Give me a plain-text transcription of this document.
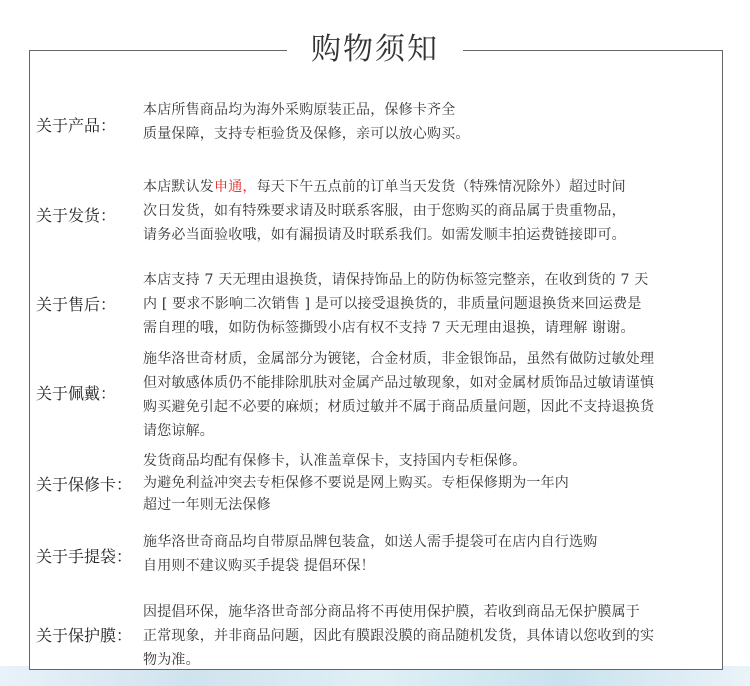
购物须知
关于产品：
本店所售商品均为海外采购原装正品，保修卡齐全
质量保障，支持专柜验货及保修，亲可以放心购买。
关于发货：
本店默认发申通，每天下午五点前的订单当天发货（特殊情况除外）超过时间
次日发货，如有特殊要求请及时联系客服，由于您购买的商品属于贵重物品，
请务必当面验收哦，如有漏损请及时联系我们。如需发顺丰拍运费链接即可。
关于售后：
本店支持 7 天无理由退换货，请保持饰品上的防伪标签完整亲，在收到货的 7 天
内 [ 要求不影响二次销售 ] 是可以接受退换货的，非质量问题退换货来回运费是
需自理的哦，如防伪标签撕毁小店有权不支持 7 天无理由退换，请理解 谢谢。
关于佩戴：
施华洛世奇材质，金属部分为镀铑，合金材质，非金银饰品，虽然有做防过敏处理
但对敏感体质仍不能排除肌肤对金属产品过敏现象，如对金属材质饰品过敏请谨慎
购买避免引起不必要的麻烦；材质过敏并不属于商品质量问题，因此不支持退换货
请您谅解。
关于保修卡：
发货商品均配有保修卡，认准盖章保卡，支持国内专柜保修。
为避免利益冲突去专柜保修不要说是网上购买。专柜保修期为一年内
超过一年则无法保修
关于手提袋：
施华洛世奇商品均自带原品牌包装盒，如送人需手提袋可在店内自行选购
自用则不建议购买手提袋 提倡环保！
关于保护膜：
因提倡环保，施华洛世奇部分商品将不再使用保护膜，若收到商品无保护膜属于
正常现象，并非商品问题，因此有膜跟没膜的商品随机发货，具体请以您收到的实
物为准。
